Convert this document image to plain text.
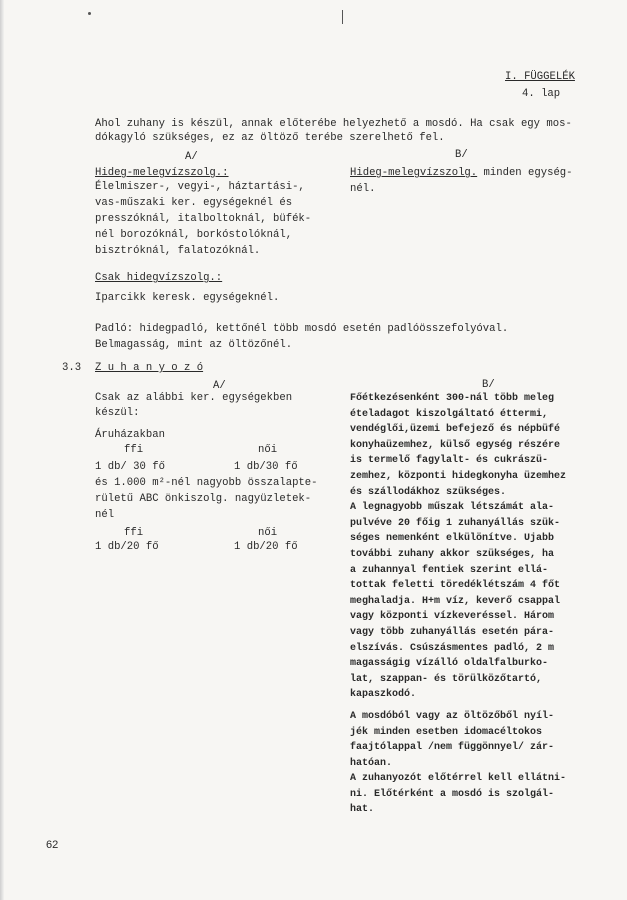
I. FÜGGELÉK
4. lap
Ahol zuhany is készül, annak előterébe helyezhető a mosdó. Ha csak egy mos-
dókagyló szükséges, ez az öltöző terébe szerelhető fel.
A/	B/
Hideg-melegvízszolg.:
Élelmiszer-, vegyi-, háztartási-,
vas-műszaki ker. egységeknél és
presszóknál, italboltoknál, büfék-
nél borozóknál, borkóstolóknál,
bisztróknál, falatozóknál.
Hideg-melegvízszolg. minden egység-
nél.
Csak hidegvízszolg.:
Iparcikk keresk. egységeknél.
Padló: hidegpadló, kettőnél több mosdó esetén padlóösszefolyóval.
Belmagasság, mint az öltözőnél.
3.3 Z u h a n y o z ó
A/
Csak az alábbi ker. egységekben
készül:
Áruházakban
ffi	női
1 db/ 30 fő	1 db/30 fő
és 1.000 m²-nél nagyobb összalapte-
rületű ABC önkiszolg. nagyüzletek-
nél
ffi	női
1 db/20 fő	1 db/20 fő
B/
Főétkezésenként 300-nál több meleg
ételadagot kiszolgáltató éttermi,
vendéglői,üzemi befejező és népbüfé
konyhaüzemhez, külső egység részére
is termelő fagylalt- és cukrászü-
zemhez, központi hidegkonyha üzemhez
és szállodákhoz szükséges.
A legnagyobb műszak létszámát ala-
pulvéve 20 főig 1 zuhanyállás szük-
séges nemenként elkülönítve. Ujabb
további zuhany akkor szükséges, ha
a zuhannyal fentiek szerint ellá-
tottak feletti töredéklétszám 4 főt
meghaladja. H+m víz, keverő csappal
vagy központi vízkeveréssel. Három
vagy több zuhanyállás esetén pára-
elszívás. Csúszásmentes padló, 2 m
magasságig vízálló oldalfalburko-
lat, szappan- és törülközőtartó,
kapaszkodó.
A mosdóból vagy az öltözőből nyíl-
jék minden esetben idomacéltokos
faajtólappal /nem függönnyel/ zár-
hatóan.
A zuhanyozót előtérrel kell ellátni-
ni. Előtérként a mosdó is szolgál-
hat.
62
